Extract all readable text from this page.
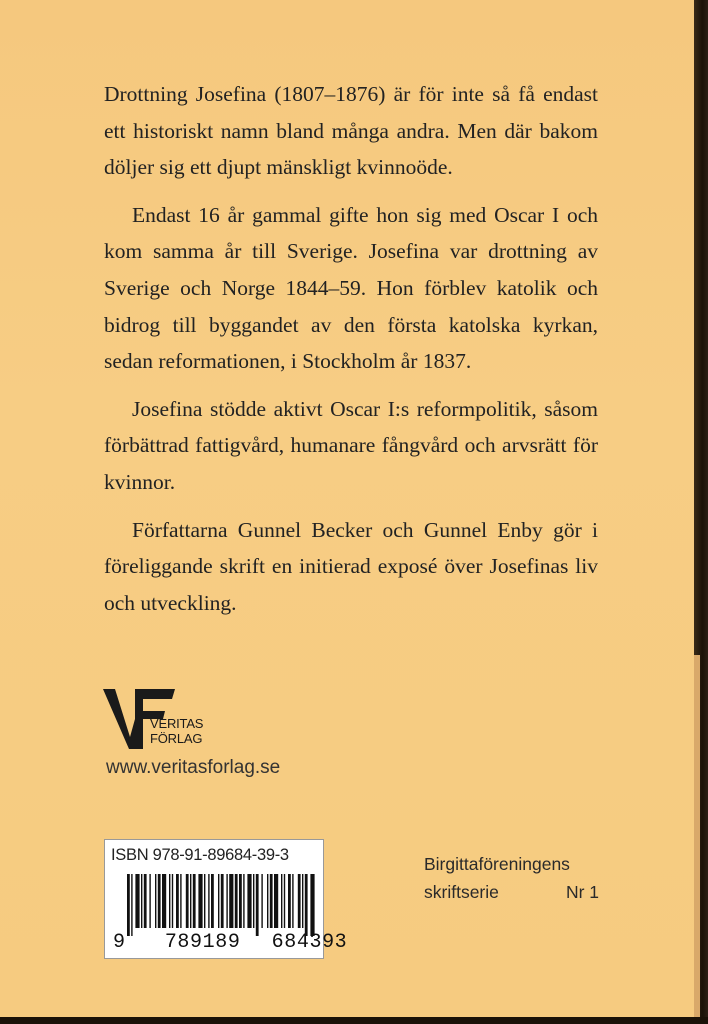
Drottning Josefina (1807–1876) är för inte så få endast ett historiskt namn bland många andra. Men där bakom döljer sig ett djupt mänskligt kvinnoöde.

Endast 16 år gammal gifte hon sig med Oscar I och kom samma år till Sverige. Josefina var drottning av Sverige och Norge 1844–59. Hon förblev katolik och bidrog till byggandet av den första katolska kyrkan, sedan reformationen, i Stockholm år 1837.

Josefina stödde aktivt Oscar I:s reformpolitik, såsom förbättrad fattigvård, humanare fångvård och arvsrätt för kvinnor.

Författarna Gunnel Becker och Gunnel Enby gör i föreliggande skrift en initierad exposé över Josefinas liv och utveckling.

VERITAS
FÖRLAG
www.veritasforlag.se
ISBN 978-91-89684-39-3
9 789189 684393
Birgittaföreningens
skriftserie	Nr 1
